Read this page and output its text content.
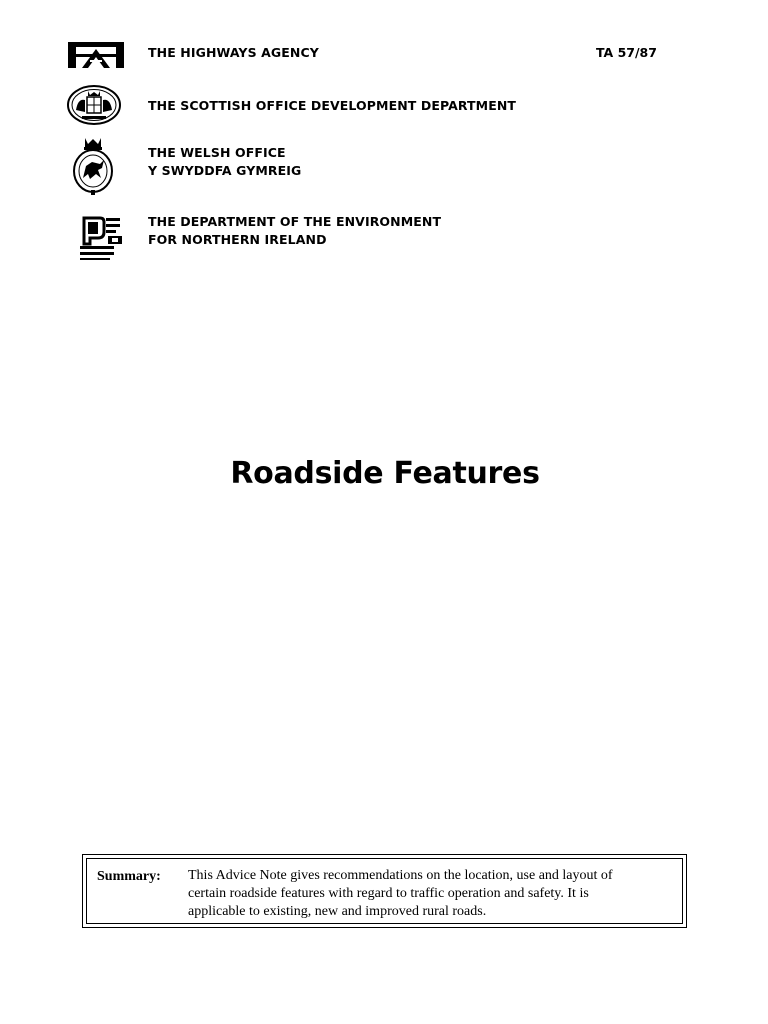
THE HIGHWAYS AGENCY
THE SCOTTISH OFFICE DEVELOPMENT DEPARTMENT
THE WELSH OFFICE
Y SWYDDFA GYMREIG
THE DEPARTMENT OF THE ENVIRONMENT
FOR NORTHERN IRELAND
TA 57/87
Roadside Features
Summary: This Advice Note gives recommendations on the location, use and layout of
certain roadside features with regard to traffic operation and safety. It is
applicable to existing, new and improved rural roads.
